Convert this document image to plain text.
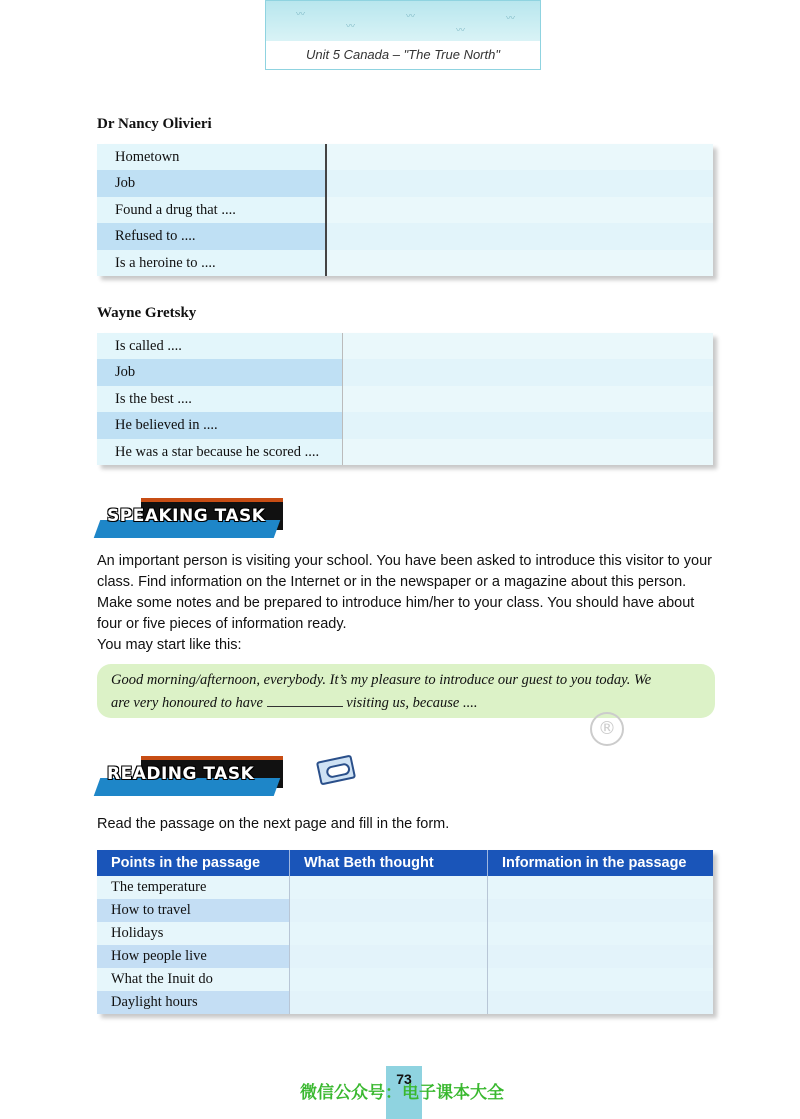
〰
〰
〰
〰
〰
Unit 5 Canada – "The True North"
Dr Nancy Olivieri
Hometown
Job
Found a drug that ....
Refused to ....
Is a heroine to ....
Wayne Gretsky
Is called ....
Job
Is the best ....
He believed in ....
He was a star because he scored ....
SPEAKING TASK
An important person is visiting your school. You have been asked to introduce this visitor to your class. Find information on the Internet or in the newspaper or a magazine about this person. Make some notes and be prepared to introduce him/her to your class. You should have about four or five pieces of information ready.
You may start like this:
Good morning/afternoon, everybody. It’s my pleasure to introduce our guest to you today. We
are very honoured to have	visiting us, because ....
®
READING TASK
Read the passage on the next page and fill in the form.
Points in the passage	What Beth thought	Information in the passage
The temperature
How to travel
Holidays
How people live
What the Inuit do
Daylight hours
73
微信公众号：电子课本大全
